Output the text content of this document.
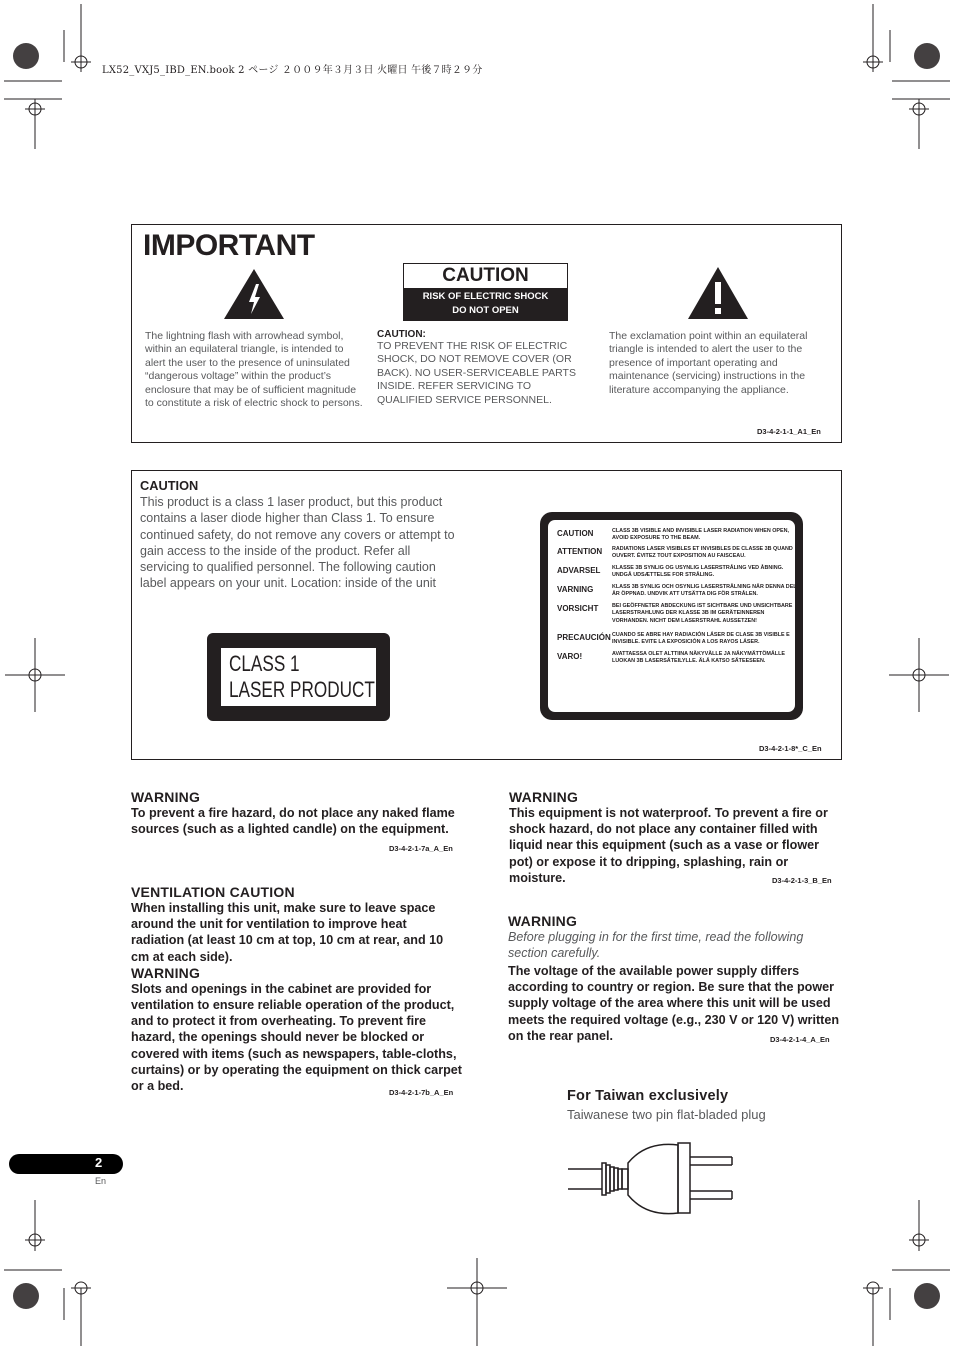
LX52_VXJ5_IBD_EN.book 2 ページ ２００９年３月３日 火曜日 午後７時２９分
IMPORTANT
CAUTION
RISK OF ELECTRIC SHOCK
DO NOT OPEN
The lightning flash with arrowhead symbol, within an equilateral triangle, is intended to alert the user to the presence of uninsulated “dangerous voltage” within the product’s enclosure that may be of sufficient magnitude to constitute a risk of electric shock to persons.
CAUTION:
TO PREVENT THE RISK OF ELECTRIC SHOCK, DO NOT REMOVE COVER (OR BACK). NO USER-SERVICEABLE PARTS INSIDE. REFER SERVICING TO QUALIFIED SERVICE PERSONNEL.
The exclamation point within an equilateral triangle is intended to alert the user to the presence of important operating and maintenance (servicing) instructions in the literature accompanying the appliance.
D3-4-2-1-1_A1_En
CAUTION
This product is a class 1 laser product, but this product contains a laser diode higher than Class 1. To ensure continued safety, do not remove any covers or attempt to gain access to the inside of the product. Refer all servicing to qualified personnel. The following caution label appears on your unit. Location: inside of the unit
CLASS 1
LASER PRODUCT
CAUTION	CLASS 3B VISIBLE AND INVISIBLE LASER RADIATION WHEN OPEN, AVOID EXPOSURE TO THE BEAM.
ATTENTION RADIATIONS LASER VISIBLES ET INVISIBLES DE CLASSE 3B QUAND OUVERT. ÉVITEZ TOUT EXPOSITION AU FAISCEAU.
ADVARSEL KLASSE 3B SYNLIG OG USYNLIG LASERSTRÅLING VED ÅBNING. UNDGÅ UDSÆTTELSE FOR STRÅLING.
VARNING	KLASS 3B SYNLIG OCH OSYNLIG LASERSTRÅLNING NÄR DENNA DEL ÄR ÖPPNAD. UNDVIK ATT UTSÄTTA DIG FÖR STRÅLEN.
VORSICHT	BEI GEÖFFNETER ABDECKUNG IST SICHTBARE UND UNSICHTBARE LASERSTRAHLUNG DER KLASSE 3B IM GERÄTEINNEREN VORHANDEN. NICHT DEM LASERSTRAHL AUSSETZEN!
PRECAUCIÓN CUANDO SE ABRE HAY RADIACIÓN LÁSER DE CLASE 3B VISIBLE E INVISIBLE. EVITE LA EXPOSICIÓN A LOS RAYOS LÁSER.
VARO!	AVATTAESSA OLET ALTTIINA NÄKYVÄLLE JA NÄKYMÄTTÖMÄLLE LUOKAN 3B LASERSÄTEILYLLE. ÄLÄ KATSO SÄTEESEEN.
D3-4-2-1-8*_C_En
WARNING
To prevent a fire hazard, do not place any naked flame sources (such as a lighted candle) on the equipment.
D3-4-2-1-7a_A_En
VENTILATION CAUTION
When installing this unit, make sure to leave space around the unit for ventilation to improve heat radiation (at least 10 cm at top, 10 cm at rear, and 10 cm at each side).
WARNING
Slots and openings in the cabinet are provided for ventilation to ensure reliable operation of the product, and to protect it from overheating. To prevent fire hazard, the openings should never be blocked or covered with items (such as newspapers, table-cloths, curtains) or by operating the equipment on thick carpet or a bed.	D3-4-2-1-7b_A_En
WARNING
This equipment is not waterproof. To prevent a fire or shock hazard, do not place any container filled with liquid near this equipment (such as a vase or flower pot) or expose it to dripping, splashing, rain or moisture.	D3-4-2-1-3_B_En
WARNING
Before plugging in for the first time, read the following section carefully.
The voltage of the available power supply differs according to country or region. Be sure that the power supply voltage of the area where this unit will be used meets the required voltage (e.g., 230 V or 120 V) written on the rear panel.	D3-4-2-1-4_A_En
For Taiwan exclusively
Taiwanese two pin flat-bladed plug
2
En
